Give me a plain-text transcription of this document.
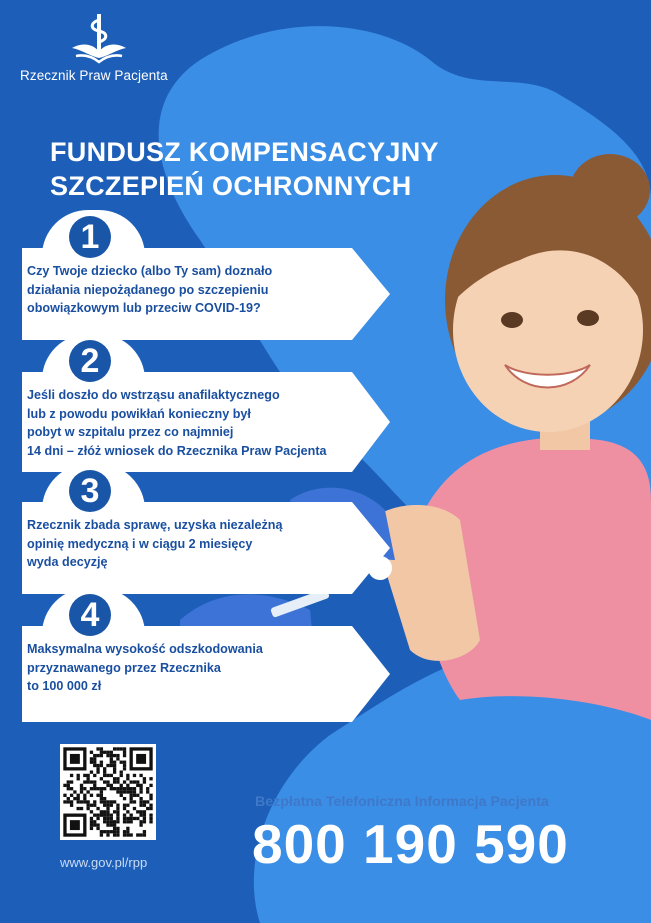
Rzecznik Praw Pacjenta
FUNDUSZ KOMPENSACYJNY
SZCZEPIEŃ OCHRONNYCH
1
Czy Twoje dziecko (albo Ty sam) doznało
działania niepożądanego po szczepieniu
obowiązkowym lub przeciw COVID-19?
2
Jeśli doszło do wstrząsu anafilaktycznego
lub z powodu powikłań konieczny był
pobyt w szpitalu przez co najmniej
14 dni – złóż wniosek do Rzecznika Praw Pacjenta
3
Rzecznik zbada sprawę, uzyska niezależną
opinię medyczną i w ciągu 2 miesięcy
wyda decyzję
4
Maksymalna wysokość odszkodowania
przyznawanego przez Rzecznika
to 100 000 zł
www.gov.pl/rpp
Bezpłatna Telefoniczna Informacja Pacjenta
800 190 590
